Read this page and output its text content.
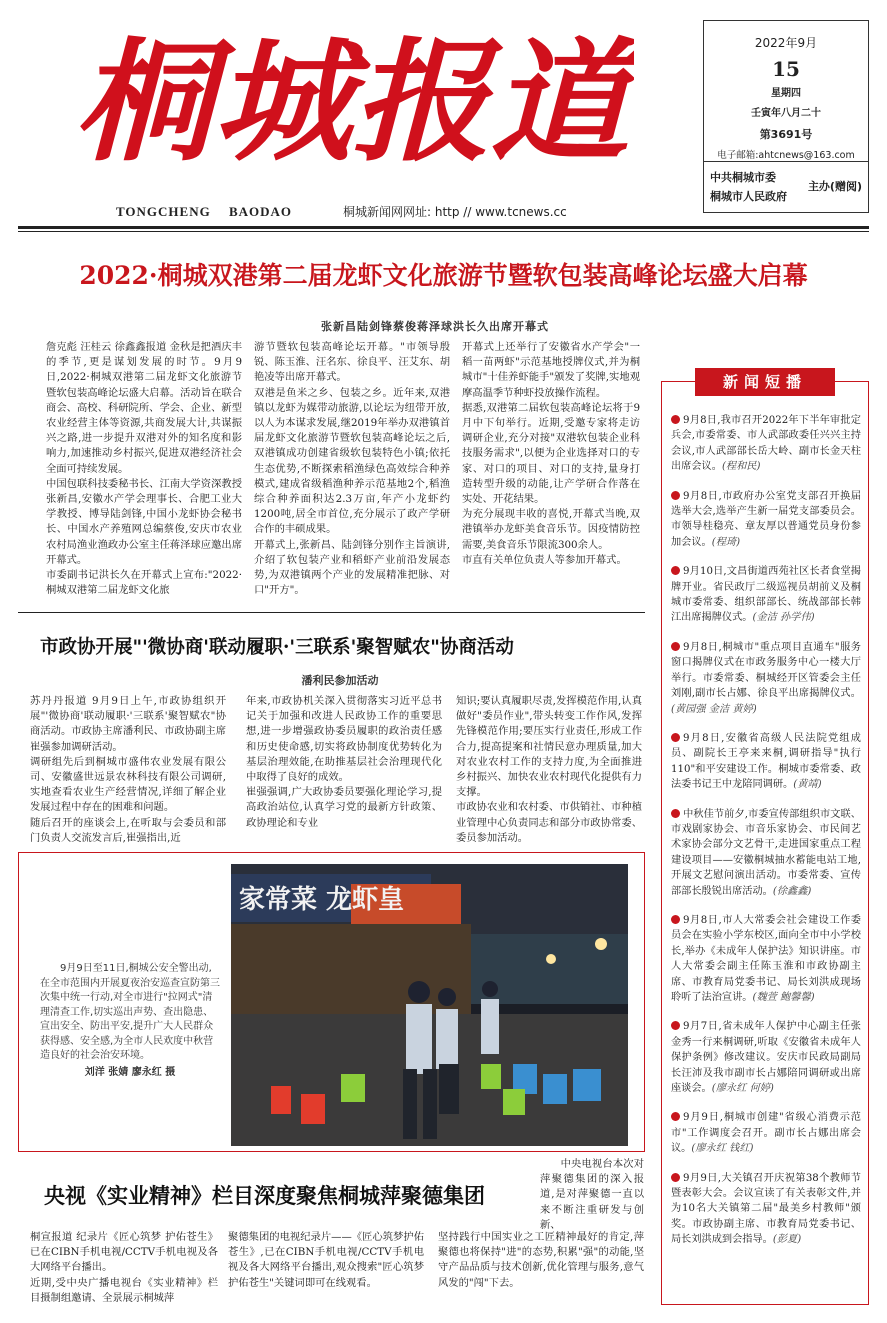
桐城报道
TONGCHENG BAODAO	桐城新闻网网址: http // www.tcnews.cc
2022年9月
15
星期四
壬寅年八月二十
第3691号
电子邮箱:ahtcnews@163.com
中共桐城市委
桐城市人民政府
主办(赠阅)
2022·桐城双港第二届龙虾文化旅游节暨软包装高峰论坛盛大启幕
张新昌陆剑锋蔡俊蒋泽球洪长久出席开幕式
詹克彪 汪桂云 徐鑫鑫报道 金秋是把酒庆丰的季节,更是谋划发展的时节。9月9日,2022·桐城双港第二届龙虾文化旅游节暨软包装高峰论坛盛大启幕。活动旨在联合商会、高校、科研院所、学会、企业、新型农业经营主体等资源,共商发展大计,共谋振兴之路,进一步提升双港对外的知名度和影响力,加速推动乡村振兴,促进双港经济社会全面可持续发展。
中国包联科技委秘书长、江南大学资深教授张新昌,安徽水产学会理事长、合肥工业大学教授、博导陆剑锋,中国小龙虾协会秘书长、中国水产养殖网总编蔡俊,安庆市农业农村局渔业渔政办公室主任蒋泽球应邀出席开幕式。
市委副书记洪长久在开幕式上宣布:"2022·桐城双港第二届龙虾文化旅
游节暨软包装高峰论坛开幕。"市领导殷锐、陈玉淮、汪名东、徐良平、汪艾东、胡艳凌等出席开幕式。
双港是鱼米之乡、包装之乡。近年来,双港镇以龙虾为媒带动旅游,以论坛为纽带开放,以人为本谋求发展,继2019年举办双港镇首届龙虾文化旅游节暨软包装高峰论坛之后,双港镇成功创建省级软包装特色小镇;依托生态优势,不断探索稻渔绿色高效综合种养模式,建成省级稻渔种养示范基地2个,稻渔综合种养面积达2.3万亩,年产小龙虾约1200吨,居全市首位,充分展示了政产学研合作的丰硕成果。
开幕式上,张新昌、陆剑锋分别作主旨演讲,介绍了软包装产业和稻虾产业前沿发展态势,为双港镇两个产业的发展精准把脉、对口"开方"。
开幕式上还举行了安徽省水产学会"一稻一苗两虾"示范基地授牌仪式,并为桐城市"十佳养虾能手"颁发了奖牌,实地观摩高温季节种虾投放操作流程。
据悉,双港第二届软包装高峰论坛将于9月中下旬举行。近期,受邀专家将走访调研企业,充分对接"双港软包装企业科技服务需求",以便为企业选择对口的专家、对口的项目、对口的支持,量身打造转型升级的动能,让产学研合作落在实处、开花结果。
为充分展现丰收的喜悦,开幕式当晚,双港镇举办龙虾美食音乐节。因疫情防控需要,美食音乐节限流300余人。
市直有关单位负责人等参加开幕式。
市政协开展"'微协商'联动履职·'三联系'聚智赋农"协商活动
潘利民参加活动
苏丹丹报道 9月9日上午,市政协组织开展"'微协商'联动履职·'三联系'聚智赋农"协商活动。市政协主席潘利民、市政协副主席崔强参加调研活动。
调研组先后到桐城市盛伟农业发展有限公司、安徽盛世远景农林科技有限公司调研,实地查看农业生产经营情况,详细了解企业发展过程中存在的困难和问题。
随后召开的座谈会上,在听取与会委员和部门负责人交流发言后,崔强指出,近
年来,市政协机关深入贯彻落实习近平总书记关于加强和改进人民政协工作的重要思想,进一步增强政协委员履职的政治责任感和历史使命感,切实将政协制度优势转化为基层治理效能,在助推基层社会治理现代化中取得了良好的成效。
崔强强调,广大政协委员要强化理论学习,提高政治站位,认真学习党的最新方针政策、政协理论和专业
知识;要认真履职尽责,发挥模范作用,认真做好"委员作业",带头转变工作作风,发挥先锋模范作用;要压实行业责任,形成工作合力,提高提案和社情民意办理质量,加大对农业农村工作的支持力度,为全面推进乡村振兴、加快农业农村现代化提供有力支撑。
市政协农业和农村委、市供销社、市种植业管理中心负责同志和部分市政协常委、委员参加活动。
家常菜 龙虾皇
9月9日至11日,桐城公安全警出动,在全市范围内开展夏夜治安巡查宣防第三次集中统一行动,对全市进行"拉网式"清理清查工作,切实巡出声势、查出隐患、宣出安全、防出平安,提升广大人民群众获得感、安全感,为全市人民欢度中秋营造良好的社会治安环境。
刘洋 张婧 廖永红 摄
央视《实业精神》栏目深度聚焦桐城萍聚德集团
中央电视台本次对萍聚德集团的深入报道,是对萍聚德一直以来不断注重研发与创新、
桐宣报道 纪录片《匠心筑梦 护佑苍生》已在CIBN手机电视/CCTV手机电视及各大网络平台播出。
近期,受中央广播电视台《实业精神》栏目摄制组邀请、全景展示桐城萍
聚德集团的电视纪录片——《匠心筑梦护佑苍生》,已在CIBN手机电视/CCTV手机电视及各大网络平台播出,观众搜索"匠心筑梦 护佑苍生"关键词即可在线观看。
坚持践行中国实业之工匠精神最好的肯定,萍聚德也将保持"进"的态势,积累"强"的动能,坚守产品品质与技术创新,优化管理与服务,意气风发的"闯"下去。
新闻短播
9月8日,我市召开2022年下半年审批定兵会,市委常委、市人武部政委任兴兴主持会议,市人武部部长岳大岭、副市长金天柱出席会议。(程和民)
9月8日,市政府办公室党支部召开换届选举大会,选举产生新一届党支部委员会。市领导桂稳亮、章友厚以普通党员身份参加会议。(程琦)
9月10日,文昌街道西苑社区长者食堂揭牌开业。省民政厅二级巡视员胡前义及桐城市委常委、组织部部长、统战部部长韩江出席揭牌仪式。(金洁 孙学伟)
9月8日,桐城市"重点项目直通车"服务窗口揭牌仪式在市政务服务中心一楼大厅举行。市委常委、桐城经开区管委会主任刘刚,副市长占娜、徐良平出席揭牌仪式。(黄园强 金洁 黄婷)
9月8日,安徽省高级人民法院党组成员、副院长王亭来来桐,调研指导"执行110"和平安建设工作。桐城市委常委、政法委书记王中龙陪同调研。(黄靖)
中秋佳节前夕,市委宣传部组织市文联、市戏剧家协会、市音乐家协会、市民间艺术家协会部分文艺骨干,走进国家重点工程建设项目——安徽桐城抽水蓄能电站工地,开展文艺慰问演出活动。市委常委、宣传部部长殷锐出席活动。(徐鑫鑫)
9月8日,市人大常委会社会建设工作委员会在实验小学东校区,面向全市中小学校长,举办《未成年人保护法》知识讲座。市人大常委会副主任陈玉淮和市政协副主席、市教育局党委书记、局长刘洪成现场聆听了法治宣讲。(魏萱 鲍馨馨)
9月7日,省未成年人保护中心副主任张金秀一行来桐调研,听取《安徽省未成年人保护条例》修改建议。安庆市民政局副局长汪沛及我市副市长占娜陪同调研或出席座谈会。(廖永红 何婷)
9月9日,桐城市创建"省级心消费示范市"工作调度会召开。副市长占娜出席会议。(廖永红 钱红)
9月9日,大关镇召开庆祝第38个教师节暨表彰大会。会议宣读了有关表彰文件,并为10名大关镇第二届"最美乡村教师"颁奖。市政协副主席、市教育局党委书记、局长刘洪成到会指导。(彭夏)
